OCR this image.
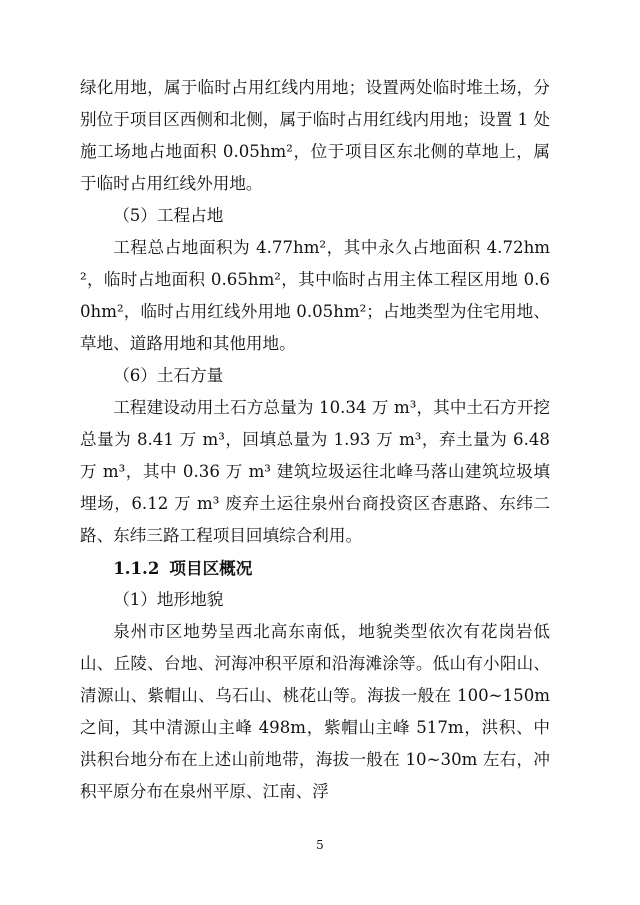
绿化用地，属于临时占用红线内用地；设置两处临时堆土场，分别位于项目区西侧和北侧，属于临时占用红线内用地；设置 1 处施工场地占地面积 0.05hm²，位于项目区东北侧的草地上，属于临时占用红线外用地。

（5）工程占地

工程总占地面积为 4.77hm²，其中永久占地面积 4.72hm²，临时占地面积 0.65hm²，其中临时占用主体工程区用地 0.60hm²，临时占用红线外用地 0.05hm²；占地类型为住宅用地、草地、道路用地和其他用地。

（6）土石方量

工程建设动用土石方总量为 10.34 万 m³，其中土石方开挖总量为 8.41 万 m³，回填总量为 1.93 万 m³，弃土量为 6.48 万 m³，其中 0.36 万 m³ 建筑垃圾运往北峰马落山建筑垃圾填埋场，6.12 万 m³ 废弃土运往泉州台商投资区杏惠路、东纬二路、东纬三路工程项目回填综合利用。

1.1.2 项目区概况

（1）地形地貌

泉州市区地势呈西北高东南低，地貌类型依次有花岗岩低山、丘陵、台地、河海冲积平原和沿海滩涂等。低山有小阳山、清源山、紫帽山、乌石山、桃花山等。海拔一般在 100~150m 之间，其中清源山主峰 498m，紫帽山主峰 517m，洪积、中洪积台地分布在上述山前地带，海拔一般在 10~30m 左右，冲积平原分布在泉州平原、江南、浮

5
